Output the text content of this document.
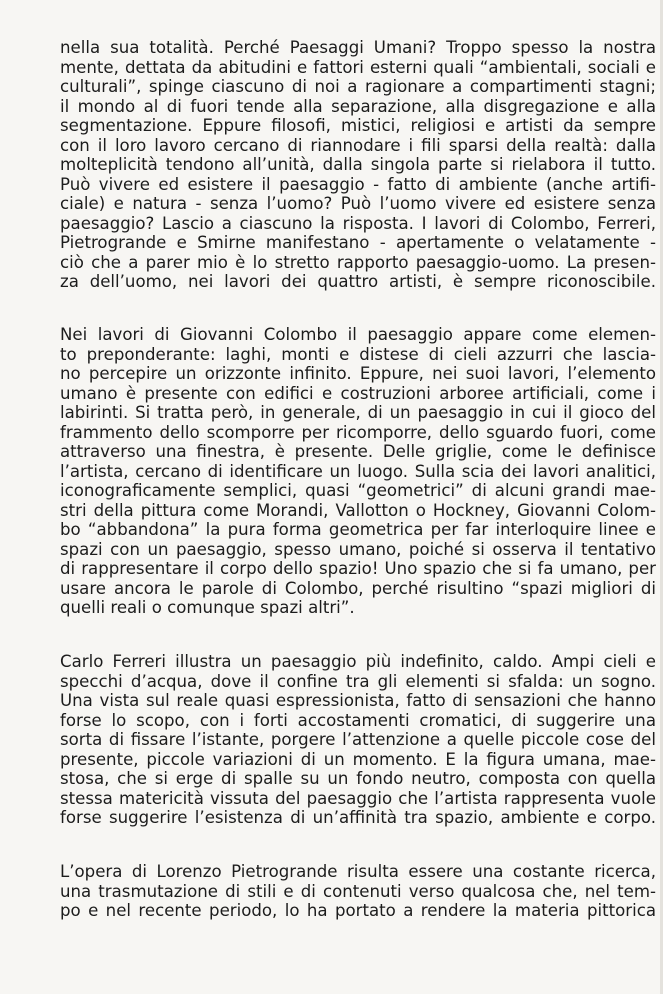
nella sua totalità. Perché Paesaggi Umani? Troppo spesso la nostra
mente, dettata da abitudini e fattori esterni quali “ambientali, sociali e
culturali”, spinge ciascuno di noi a ragionare a compartimenti stagni;
il mondo al di fuori tende alla separazione, alla disgregazione e alla
segmentazione. Eppure filosofi, mistici, religiosi e artisti da sempre
con il loro lavoro cercano di riannodare i fili sparsi della realtà: dalla
molteplicità tendono all’unità, dalla singola parte si rielabora il tutto.
Può vivere ed esistere il paesaggio - fatto di ambiente (anche artifi-
ciale) e natura - senza l’uomo? Può l’uomo vivere ed esistere senza
paesaggio? Lascio a ciascuno la risposta. I lavori di Colombo, Ferreri,
Pietrogrande e Smirne manifestano - apertamente o velatamente -
ciò che a parer mio è lo stretto rapporto paesaggio-uomo. La presen-
za dell’uomo, nei lavori dei quattro artisti, è sempre riconoscibile.
Nei lavori di Giovanni Colombo il paesaggio appare come elemen-
to preponderante: laghi, monti e distese di cieli azzurri che lascia-
no percepire un orizzonte infinito. Eppure, nei suoi lavori, l’elemento
umano è presente con edifici e costruzioni arboree artificiali, come i
labirinti. Si tratta però, in generale, di un paesaggio in cui il gioco del
frammento dello scomporre per ricomporre, dello sguardo fuori, come
attraverso una finestra, è presente. Delle griglie, come le definisce
l’artista, cercano di identificare un luogo. Sulla scia dei lavori analitici,
iconograficamente semplici, quasi “geometrici” di alcuni grandi mae-
stri della pittura come Morandi, Vallotton o Hockney, Giovanni Colom-
bo “abbandona” la pura forma geometrica per far interloquire linee e
spazi con un paesaggio, spesso umano, poiché si osserva il tentativo
di rappresentare il corpo dello spazio! Uno spazio che si fa umano, per
usare ancora le parole di Colombo, perché risultino “spazi migliori di
quelli reali o comunque spazi altri”.
Carlo Ferreri illustra un paesaggio più indefinito, caldo. Ampi cieli e
specchi d’acqua, dove il confine tra gli elementi si sfalda: un sogno.
Una vista sul reale quasi espressionista, fatto di sensazioni che hanno
forse lo scopo, con i forti accostamenti cromatici, di suggerire una
sorta di fissare l’istante, porgere l’attenzione a quelle piccole cose del
presente, piccole variazioni di un momento. E la figura umana, mae-
stosa, che si erge di spalle su un fondo neutro, composta con quella
stessa matericità vissuta del paesaggio che l’artista rappresenta vuole
forse suggerire l’esistenza di un’affinità tra spazio, ambiente e corpo.
L’opera di Lorenzo Pietrogrande risulta essere una costante ricerca,
una trasmutazione di stili e di contenuti verso qualcosa che, nel tem-
po e nel recente periodo, lo ha portato a rendere la materia pittorica
